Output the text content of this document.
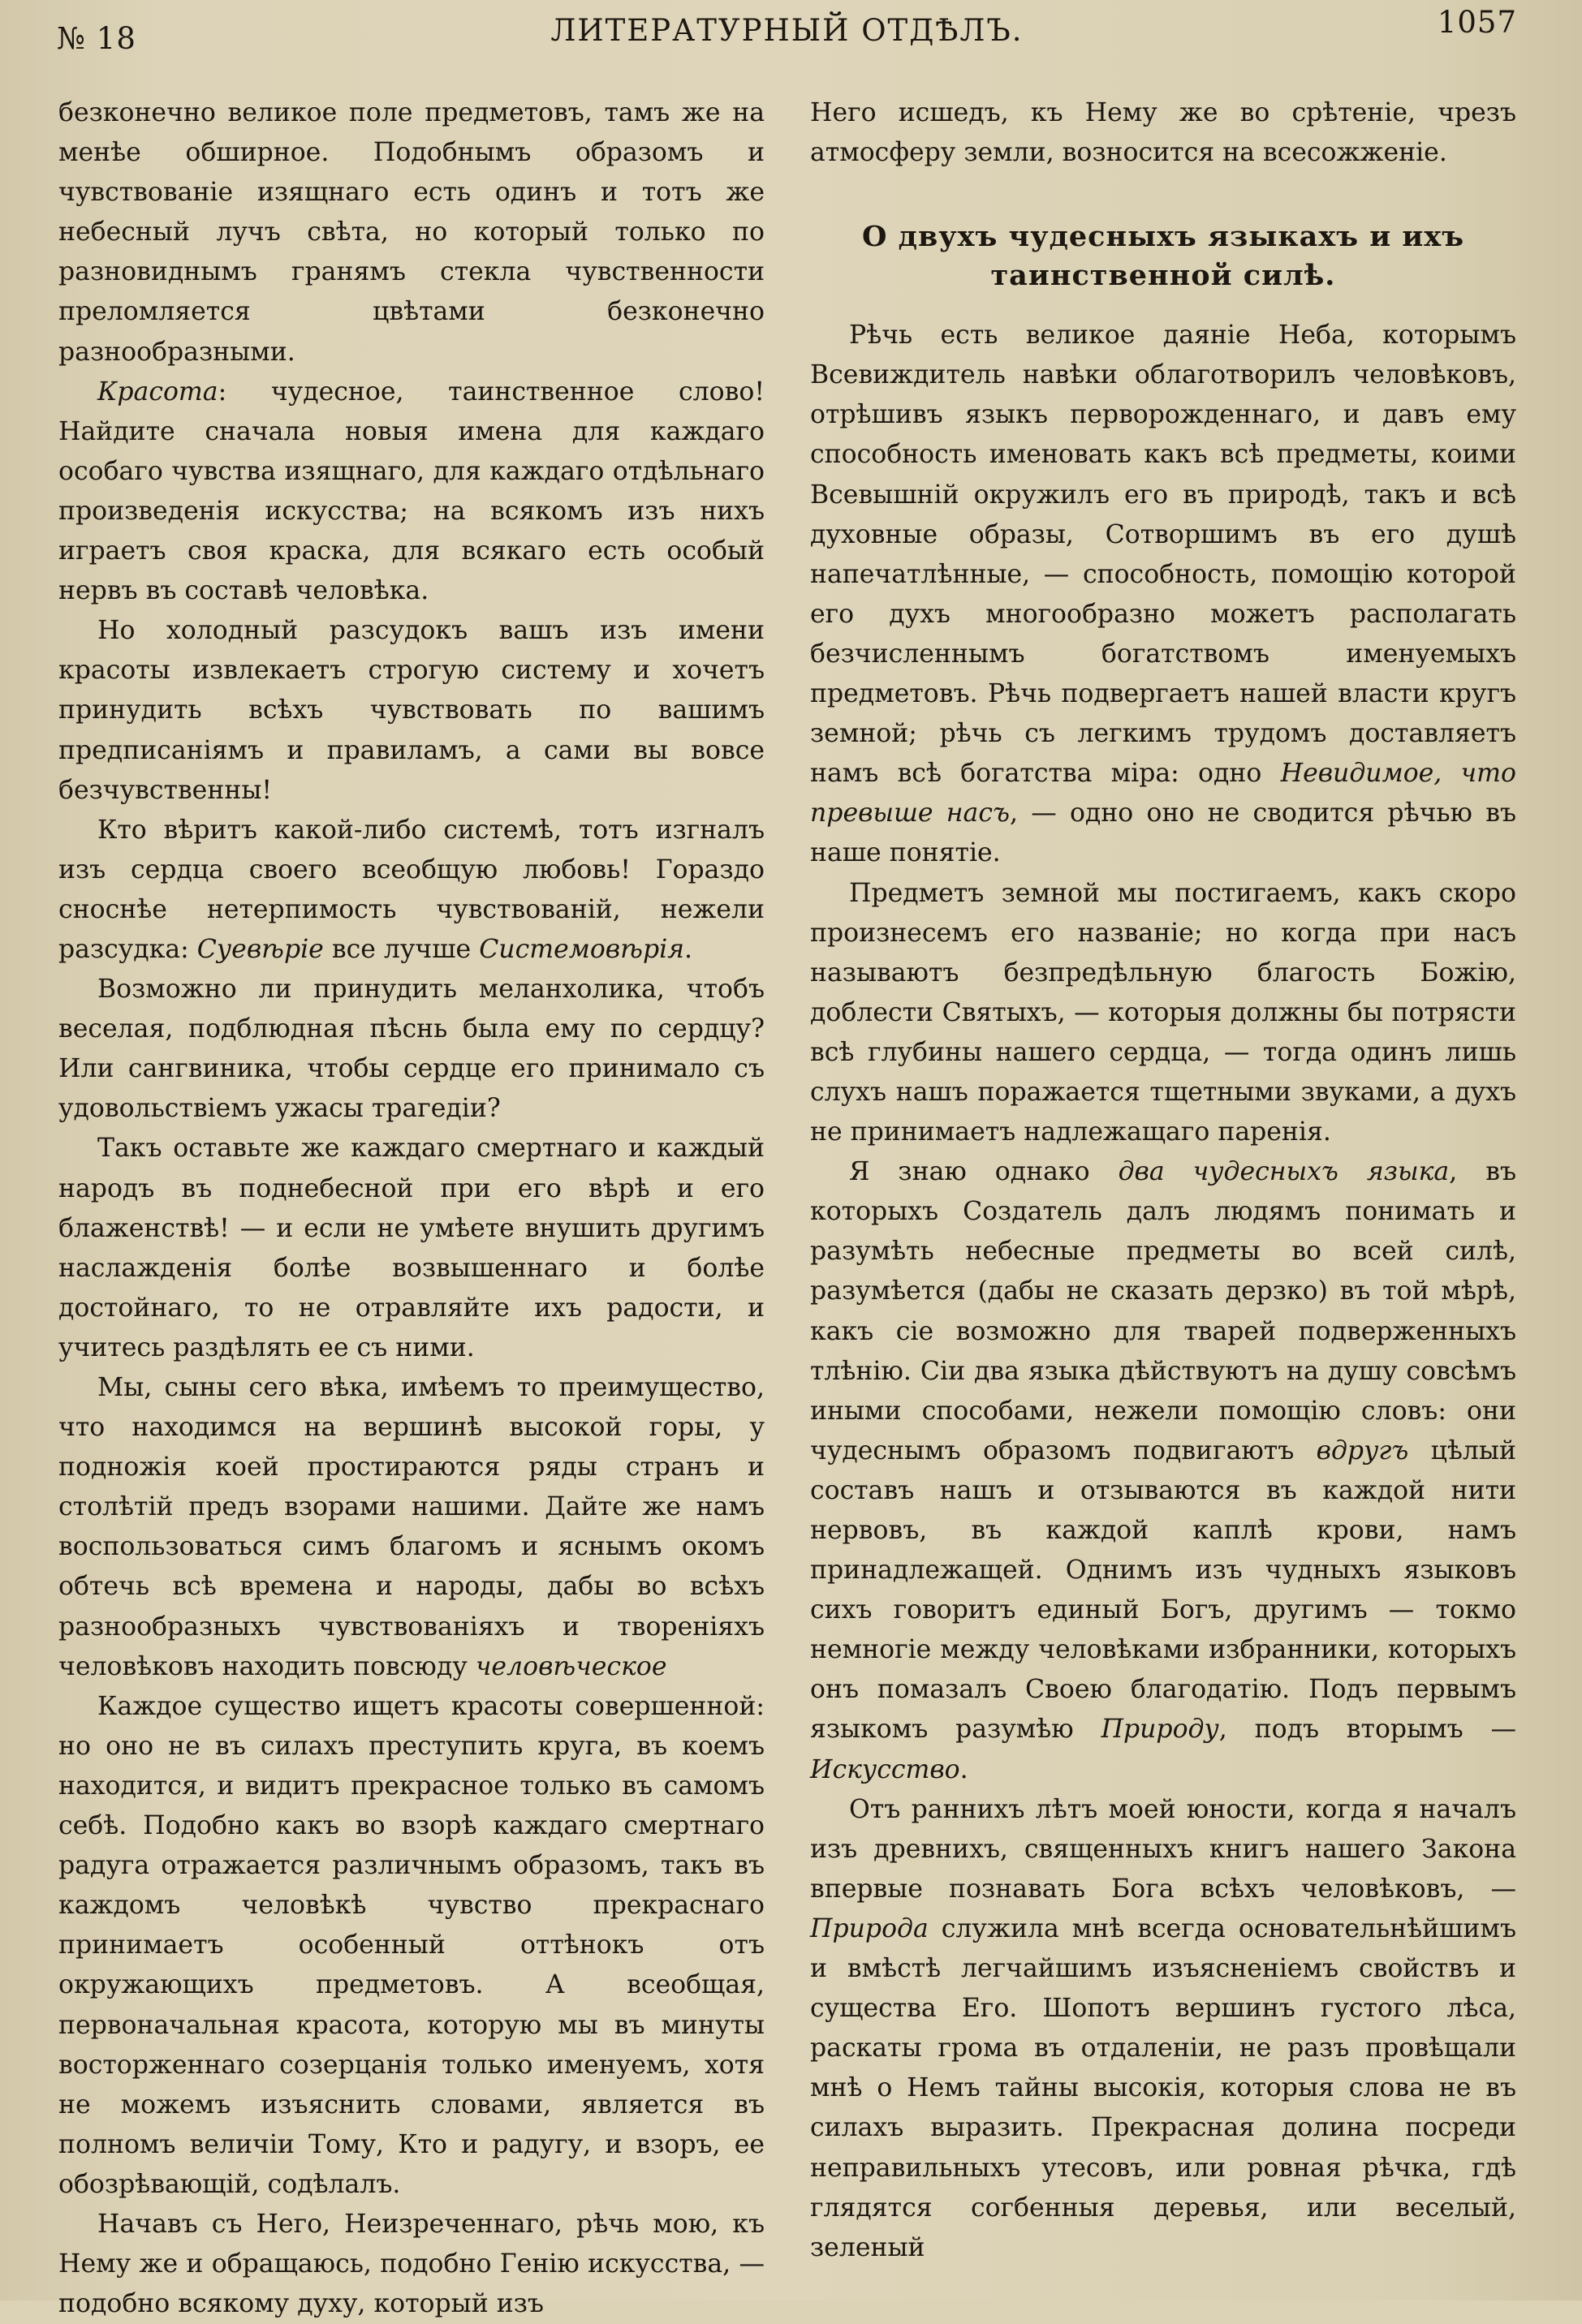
№ 18	ЛИТЕРАТУРНЫЙ ОТДѢЛЪ.	1057

безконечно великое поле предметовъ, тамъ же на менѣе обширное. Подобнымъ образомъ и чувствованіе изящнаго есть одинъ и тотъ же небесный лучъ свѣта, но который только по разновиднымъ гранямъ стекла чувственности преломляется цвѣтами безконечно разнообразными.

Красота: чудесное, таинственное слово! Найдите сначала новыя имена для каждаго особаго чувства изящнаго, для каждаго отдѣльнаго произведенія искусства; на всякомъ изъ нихъ играетъ своя краска, для всякаго есть особый нервъ въ составѣ человѣка.

Но холодный разсудокъ вашъ изъ имени красоты извлекаетъ строгую систему и хочетъ принудить всѣхъ чувствовать по вашимъ предписаніямъ и правиламъ, а сами вы вовсе безчувственны!

Кто вѣритъ какой-либо системѣ, тотъ изгналъ изъ сердца своего всеобщую любовь! Гораздо сноснѣе нетерпимость чувствованій, нежели разсудка: Суевѣріе все лучше Системовѣрія.

Возможно ли принудить меланхолика, чтобъ веселая, подблюдная пѣснь была ему по сердцу? Или сангвиника, чтобы сердце его принимало съ удовольствіемъ ужасы трагедіи?

Такъ оставьте же каждаго смертнаго и каждый народъ въ поднебесной при его вѣрѣ и его блаженствѣ! — и если не умѣете внушить другимъ наслажденія болѣе возвышеннаго и болѣе достойнаго, то не отравляйте ихъ радости, и учитесь раздѣлять ее съ ними.

Мы, сыны сего вѣка, имѣемъ то преимущество, что находимся на вершинѣ высокой горы, у подножія коей простираются ряды странъ и столѣтій предъ взорами нашими. Дайте же намъ воспользоваться симъ благомъ и яснымъ окомъ обтечь всѣ времена и народы, дабы во всѣхъ разнообразныхъ чувствованіяхъ и твореніяхъ человѣковъ находить повсюду человѣческое

Каждое существо ищетъ красоты совершенной: но оно не въ силахъ преступить круга, въ коемъ находится, и видитъ прекрасное только въ самомъ себѣ. Подобно какъ во взорѣ каждаго смертнаго радуга отражается различнымъ образомъ, такъ въ каждомъ человѣкѣ чувство прекраснаго принимаетъ особенный оттѣнокъ отъ окружающихъ предметовъ. А всеобщая, первоначальная красота, которую мы въ минуты восторженнаго созерцанія только именуемъ, хотя не можемъ изъяснить словами, является въ полномъ величіи Тому, Кто и радугу, и взоръ, ее обозрѣвающій, содѣлалъ.

Начавъ съ Него, Неизреченнаго, рѣчь мою, къ Нему же и обращаюсь, подобно Генію искусства, — подобно всякому духу, который изъ

Него исшедъ, къ Нему же во срѣтеніе, чрезъ атмосферу земли, возносится на всесожженіе.

О двухъ чудесныхъ языкахъ и ихъ таинственной силѣ.

Рѣчь есть великое даяніе Неба, которымъ Всевиждитель навѣки облаготворилъ человѣковъ, отрѣшивъ языкъ перворожденнаго, и давъ ему способность именовать какъ всѣ предметы, коими Всевышній окружилъ его въ природѣ, такъ и всѣ духовные образы, Сотворшимъ въ его душѣ напечатлѣнные, — способность, помощію которой его духъ многообразно можетъ располагать безчисленнымъ богатствомъ именуемыхъ предметовъ. Рѣчь подвергаетъ нашей власти кругъ земной; рѣчь съ легкимъ трудомъ доставляетъ намъ всѣ богатства міра: одно Невидимое, что превыше насъ, — одно оно не сводится рѣчью въ наше понятіе.

Предметъ земной мы постигаемъ, какъ скоро произнесемъ его названіе; но когда при насъ называютъ безпредѣльную благость Божію, доблести Святыхъ, — которыя должны бы потрясти всѣ глубины нашего сердца, — тогда одинъ лишь слухъ нашъ поражается тщетными звуками, а духъ не принимаетъ надлежащаго паренія.

Я знаю однако два чудесныхъ языка, въ которыхъ Создатель далъ людямъ понимать и разумѣть небесные предметы во всей силѣ, разумѣется (дабы не сказать дерзко) въ той мѣрѣ, какъ сіе возможно для тварей подверженныхъ тлѣнію. Сіи два языка дѣйствуютъ на душу совсѣмъ иными способами, нежели помощію словъ: они чудеснымъ образомъ подвигаютъ вдругъ цѣлый составъ нашъ и отзываются въ каждой нити нервовъ, въ каждой каплѣ крови, намъ принадлежащей. Однимъ изъ чудныхъ языковъ сихъ говоритъ единый Богъ, другимъ — токмо немногіе между человѣками избранники, которыхъ онъ помазалъ Своею благодатію. Подъ первымъ языкомъ разумѣю Природу, подъ вторымъ — Искусство.

Отъ раннихъ лѣтъ моей юности, когда я началъ изъ древнихъ, священныхъ книгъ нашего Закона впервые познавать Бога всѣхъ человѣковъ, — Природа служила мнѣ всегда основательнѣйшимъ и вмѣстѣ легчайшимъ изъясненіемъ свойствъ и существа Его. Шопотъ вершинъ густого лѣса, раскаты грома въ отдаленіи, не разъ провѣщали мнѣ о Немъ тайны высокія, которыя слова не въ силахъ выразить. Прекрасная долина посреди неправильныхъ утесовъ, или ровная рѣчка, гдѣ глядятся согбенныя деревья, или веселый, зеленый
